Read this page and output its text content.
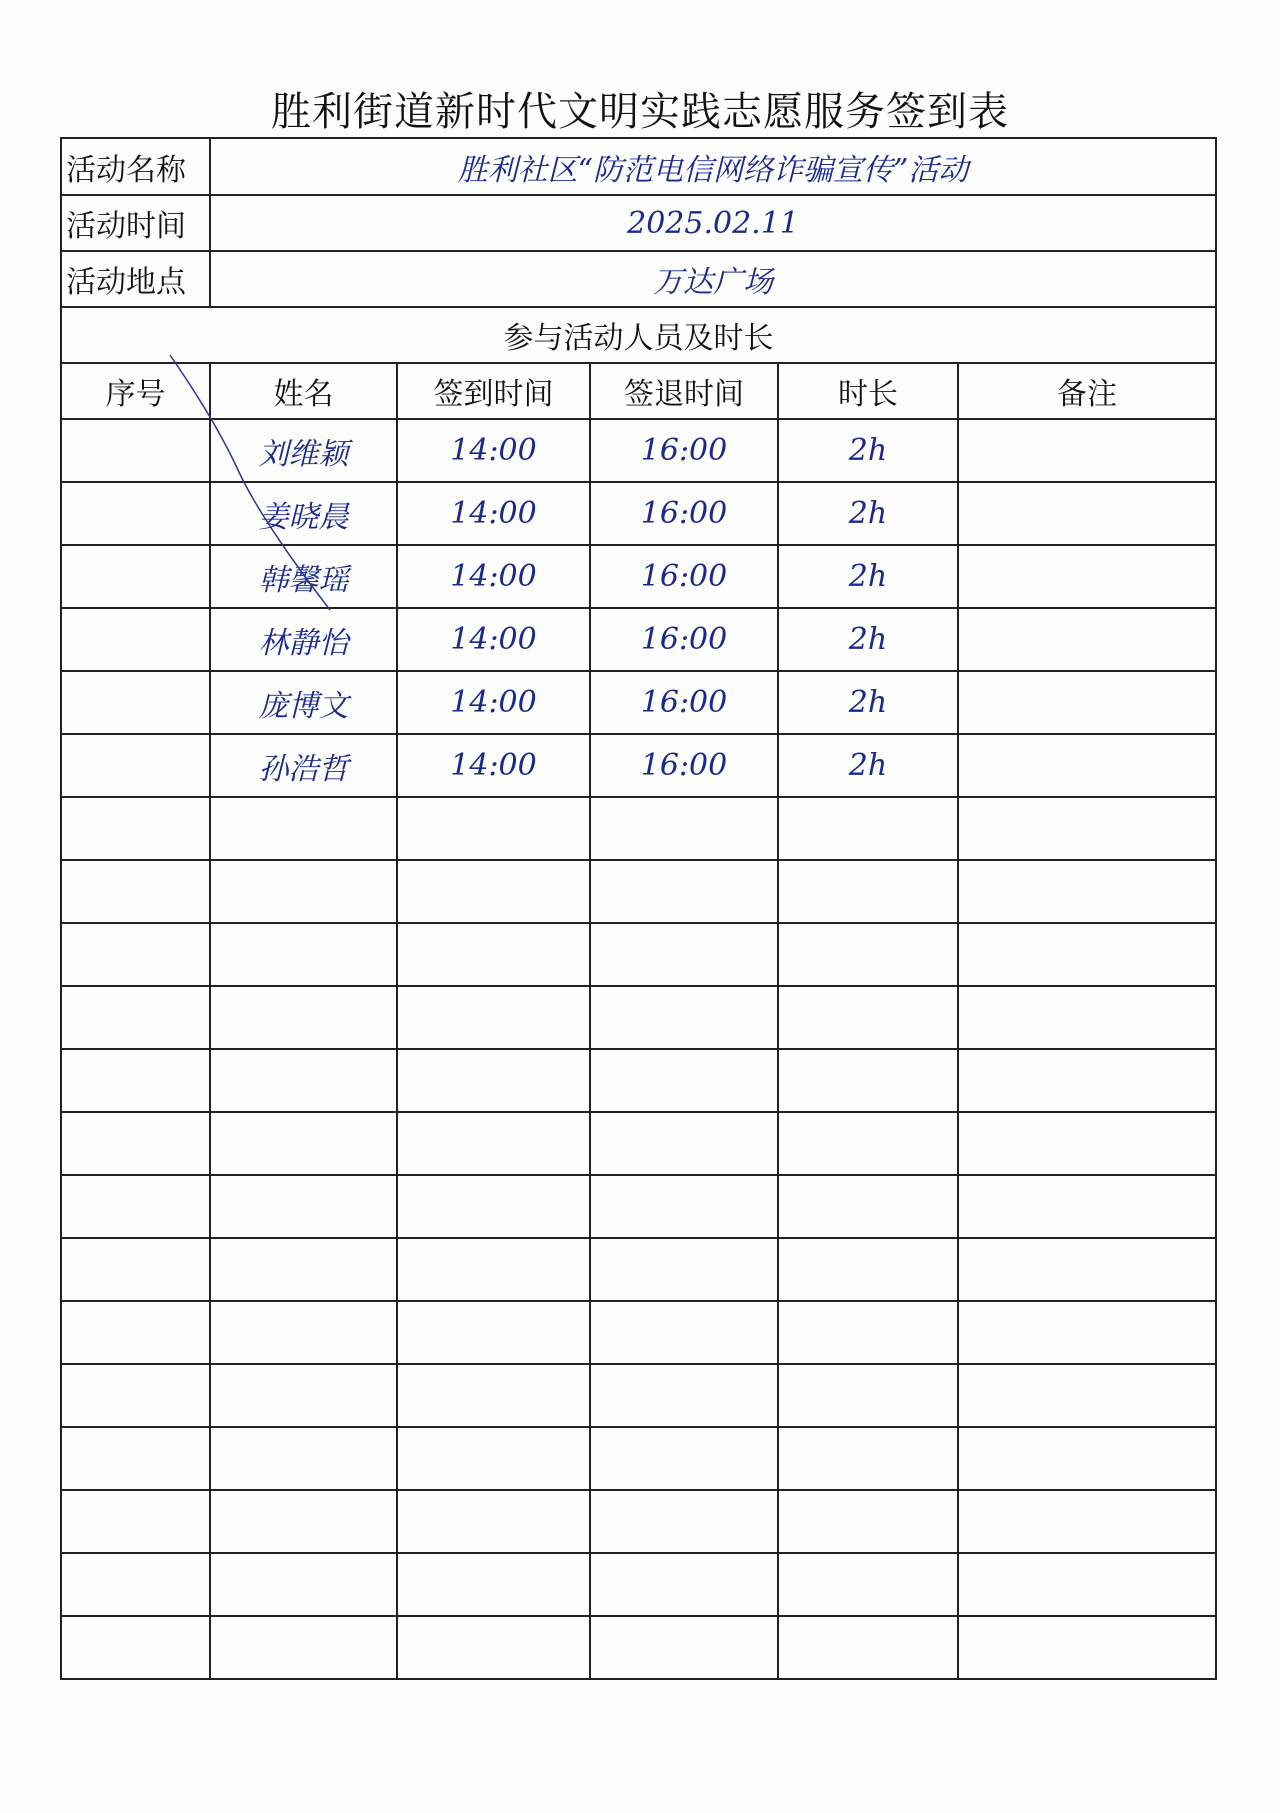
胜利街道新时代文明实践志愿服务签到表
活动名称	胜利社区“防范电信网络诈骗宣传”活动				
活动时间	2025.02.11				
活动地点	万达广场				
参与活动人员及时长					
序号	姓名	签到时间	签退时间	时长	备注
	刘维颖	14:00	16:00	2h	
	姜晓晨	14:00	16:00	2h	
	韩馨瑶	14:00	16:00	2h	
	林静怡	14:00	16:00	2h	
	庞博文	14:00	16:00	2h	
	孙浩哲	14:00	16:00	2h	
